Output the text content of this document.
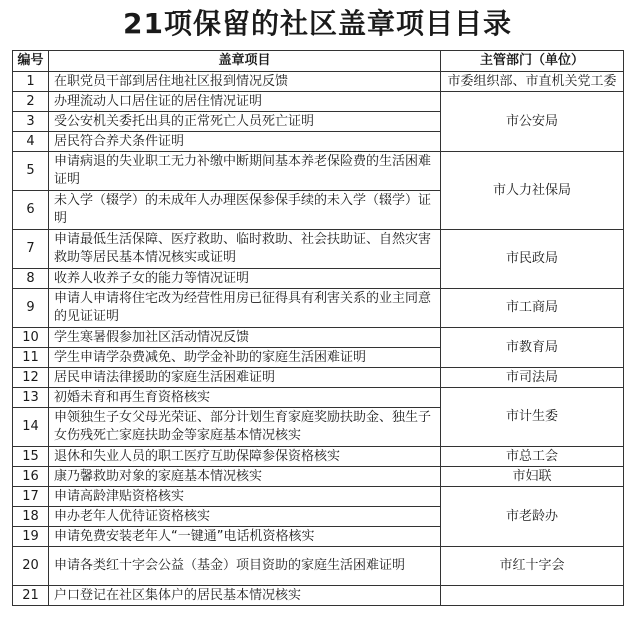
21项保留的社区盖章项目目录
编号	盖章项目	主管部门（单位）
1	在职党员干部到居住地社区报到情况反馈	市委组织部、市直机关党工委
2	办理流动人口居住证的居住情况证明	市公安局
3	受公安机关委托出具的正常死亡人员死亡证明	
4	居民符合养犬条件证明	
5	申请病退的失业职工无力补缴中断期间基本养老保险费的生活困难证明	市人力社保局
6	未入学（辍学）的未成年人办理医保参保手续的未入学（辍学）证明	
7	申请最低生活保障、医疗救助、临时救助、社会扶助证、自然灾害救助等居民基本情况核实或证明	市民政局
8	收养人收养子女的能力等情况证明	
9	申请人申请将住宅改为经营性用房已征得具有利害关系的业主同意的见证证明	市工商局
10	学生寒暑假参加社区活动情况反馈	市教育局
11	学生申请学杂费减免、助学金补助的家庭生活困难证明	
12	居民申请法律援助的家庭生活困难证明	市司法局
13	初婚未育和再生育资格核实	市计生委
14	申领独生子女父母光荣证、部分计划生育家庭奖励扶助金、独生子女伤残死亡家庭扶助金等家庭基本情况核实	
15	退休和失业人员的职工医疗互助保障参保资格核实	市总工会
16	康乃馨救助对象的家庭基本情况核实	市妇联
17	申请高龄津贴资格核实	市老龄办
18	申办老年人优待证资格核实	
19	申请免费安装老年人“一键通”电话机资格核实	
20	申请各类红十字会公益（基金）项目资助的家庭生活困难证明	市红十字会
21	户口登记在社区集体户的居民基本情况核实	
